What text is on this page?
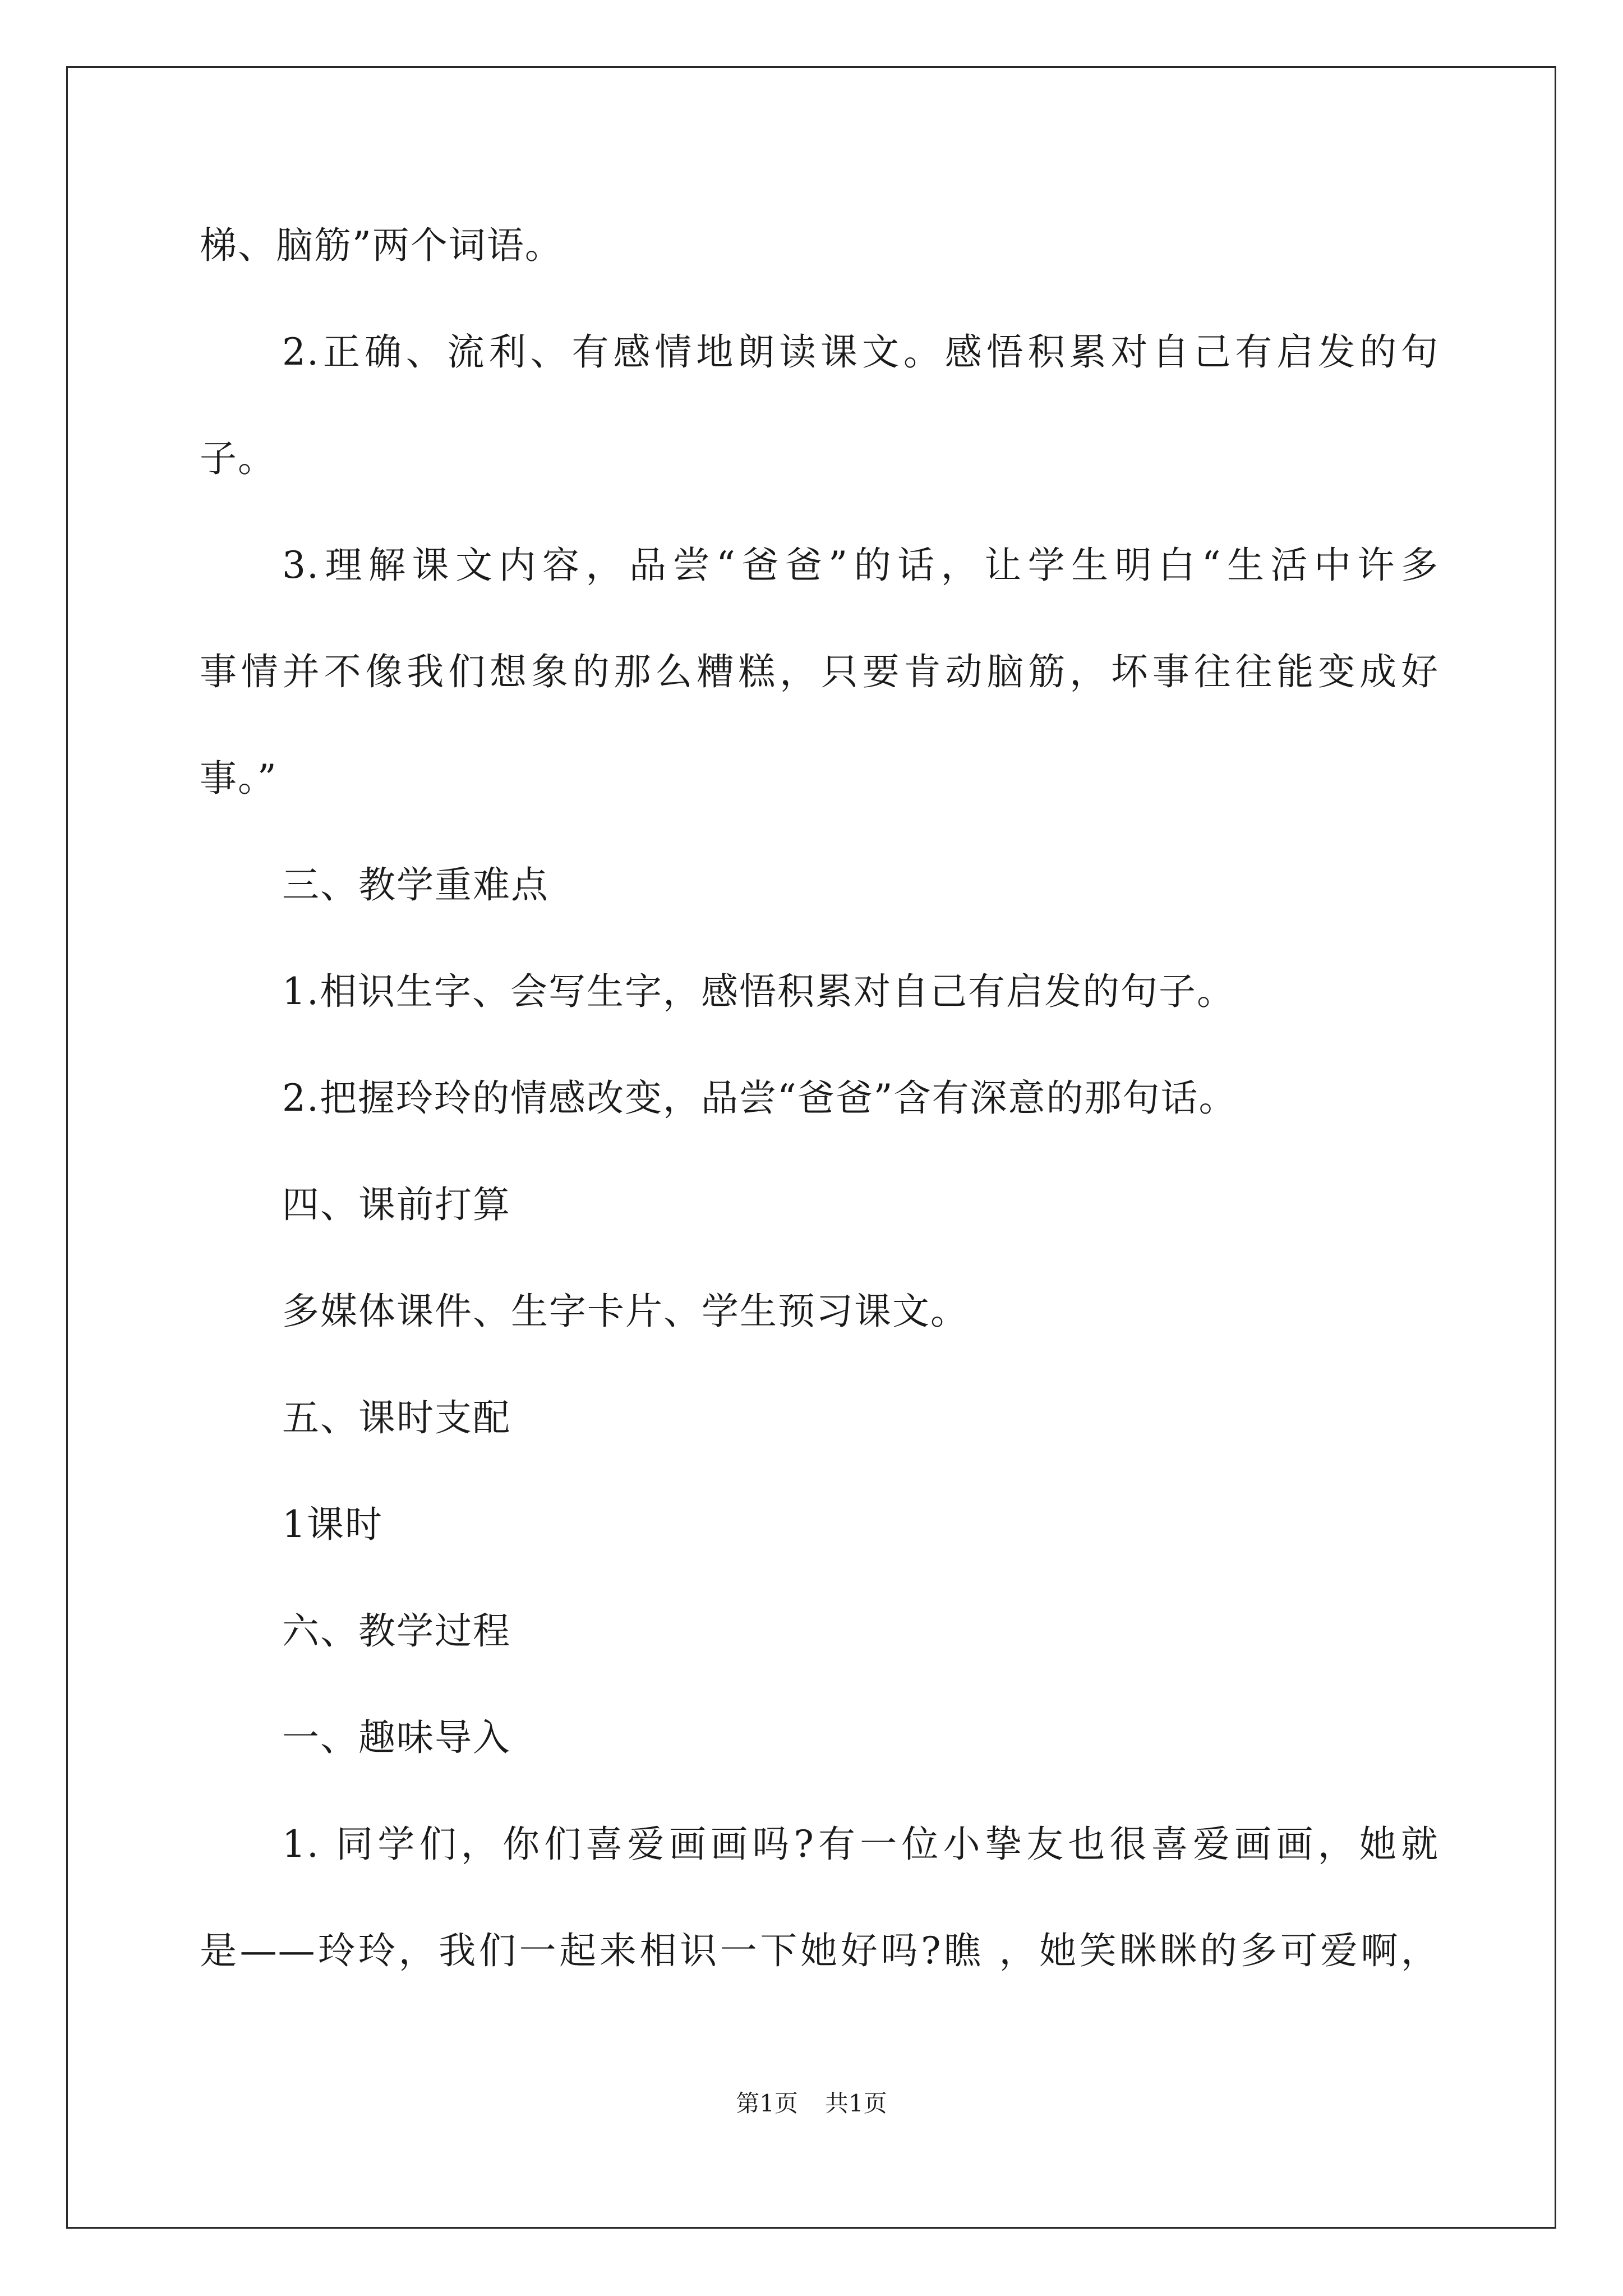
梯、脑筋”两个词语。
2.正确、流利、有感情地朗读课文。感悟积累对自己有启发的句
子。
3.理解课文内容，品尝“爸爸”的话，让学生明白“生活中许多
事情并不像我们想象的那么糟糕，只要肯动脑筋，坏事往往能变成好
事。”
三、教学重难点
1.相识生字、会写生字，感悟积累对自己有启发的句子。
2.把握玲玲的情感改变，品尝“爸爸”含有深意的那句话。
四、课前打算
多媒体课件、生字卡片、学生预习课文。
五、课时支配
1课时
六、教学过程
一、趣味导入
1. 同学们，你们喜爱画画吗?有一位小挚友也很喜爱画画，她就
是——玲玲，我们一起来相识一下她好吗?瞧 ，她笑眯眯的多可爱啊，
第1页 共1页
